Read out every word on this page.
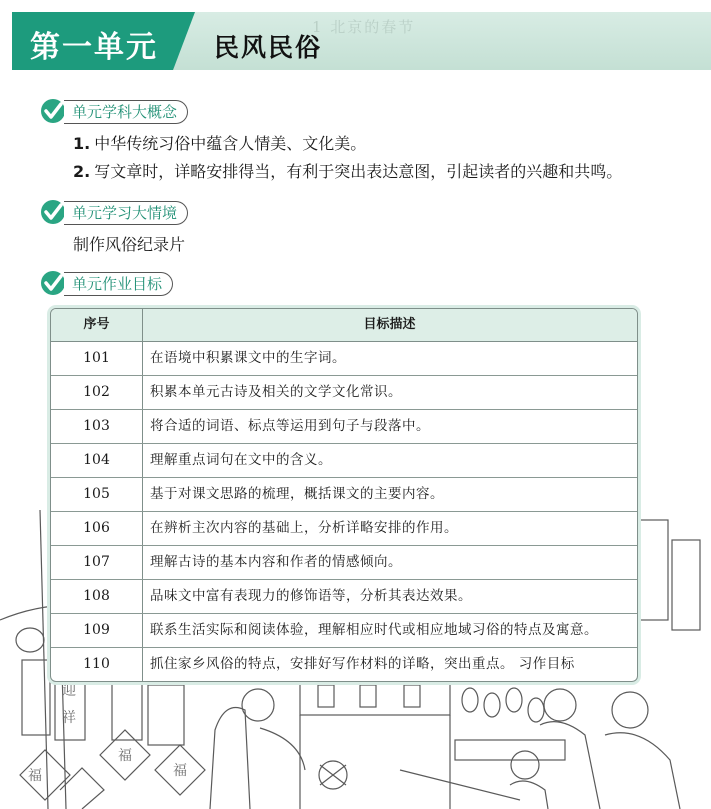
1 北京的春节
第一单元 民风民俗
单元学科大概念
1. 中华传统习俗中蕴含人情美、文化美。
2. 写文章时，详略安排得当，有利于突出表达意图，引起读者的兴趣和共鸣。
单元学习大情境
制作风俗纪录片
单元作业目标
迎
祥
福
福
福
序号	目标描述
101	在语境中积累课文中的生字词。
102	积累本单元古诗及相关的文学文化常识。
103	将合适的词语、标点等运用到句子与段落中。
104	理解重点词句在文中的含义。
105	基于对课文思路的梳理，概括课文的主要内容。
106	在辨析主次内容的基础上，分析详略安排的作用。
107	理解古诗的基本内容和作者的情感倾向。
108	品味文中富有表现力的修饰语等，分析其表达效果。
109	联系生活实际和阅读体验，理解相应时代或相应地域习俗的特点及寓意。
110	抓住家乡风俗的特点，安排好写作材料的详略，突出重点。 习作目标
